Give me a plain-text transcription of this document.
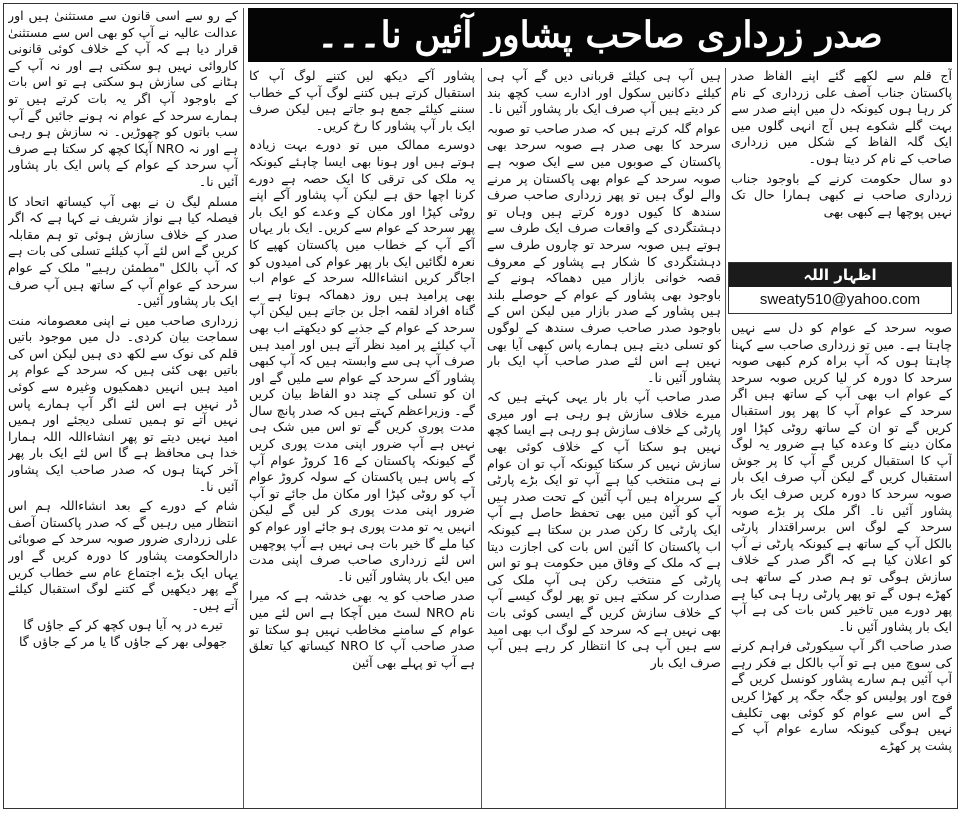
کے رو سے اسی قانون سے مستثنیٰ ہیں اور عدالت عالیہ نے آپ کو بھی اس سے مستثنیٰ قرار دیا ہے کہ آپ کے خلاف کوئی قانونی کاروائی نہیں ہو سکتی ہے اور نہ آپ کے ہٹانے کی سازش ہو سکتی ہے تو اس بات کے باوجود آپ اگر یہ بات کرتے ہیں تو ہمارے سرحد کے عوام نہ ہونے جائیں گے آپ سب باتوں کو چھوڑیں۔ نہ سازش ہو رہی ہے اور نہ NRO آپکا کچھ کر سکتا ہے صرف آپ سرحد کے عوام کے پاس ایک بار پشاور آئیں نا۔

مسلم لیگ ن نے بھی آپ کیساتھ اتحاد کا فیصلہ کیا ہے نواز شریف نے کہا ہے کہ اگر صدر کے خلاف سازش ہوئی تو ہم مقابلہ کریں گے اس لئے آپ کیلئے تسلی کی بات ہے کہ آپ بالکل "مطمئن رہیے" ملک کے عوام سرحد کے عوام آپ کے ساتھ ہیں آپ صرف ایک بار پشاور آئیں۔

زرداری صاحب میں نے اپنی معصومانہ منت سماجت بیان کردی۔ دل میں موجود باتیں قلم کی نوک سے لکھ دی ہیں لیکن اس کی باتیں بھی کئی ہیں کہ سرحد کے عوام پر امید ہیں انہیں دھمکیوں وغیرہ سے کوئی ڈر نہیں ہے اس لئے اگر آپ ہمارے پاس نہیں آتے تو ہمیں تسلی دیجئے اور ہمیں امید نہیں دیتے تو پھر انشاءاللہ اللہ ہمارا خدا ہی محافظ ہے گا اس لئے ایک بار پھر آخر کہتا ہوں کہ صدر صاحب ایک پشاور آئیں نا۔

شام کے دورے کے بعد انشاءاللہ ہم اس انتظار میں رہیں گے کہ صدر پاکستان آصف علی زرداری ضرور صوبہ سرحد کے صوبائی دارالحکومت پشاور کا دورہ کریں گے اور یہاں ایک بڑے اجتماع عام سے خطاب کریں گے پھر دیکھیں گے کتنے لوگ استقبال کیلئے آتے ہیں۔

تیرے در پہ آیا ہوں کچھ کر کے جاؤں گا

جھولی بھر کے جاؤں گا یا مر کے جاؤں گا

پشاور آکے دیکھ لیں کتنے لوگ آپ کا استقبال کرتے ہیں کتنے لوگ آپ کے خطاب سننے کیلئے جمع ہو جاتے ہیں لیکن صرف ایک بار آپ پشاور کا رخ کریں۔

دوسرے ممالک میں تو دورے بہت زیادہ ہوتے ہیں اور ہونا بھی ایسا چاہئے کیونکہ یہ ملک کی ترقی کا ایک حصہ ہے دورے کرنا اچھا حق ہے لیکن آپ پشاور آکے اپنے روٹی کپڑا اور مکان کے وعدے کو ایک بار پھر سرحد کے عوام سے کریں۔ ایک بار یہاں آکے آپ کے خطاب میں پاکستان کھپے کا نعرہ لگائیں ایک بار پھر عوام کی امیدوں کو اجاگر کریں انشاءاللہ سرحد کے عوام اب بھی پرامید ہیں روز دھماکہ ہوتا ہے بے گناہ افراد لقمہ اجل بن جاتے ہیں لیکن آپ سرحد کے عوام کے جذبے کو دیکھتے اب بھی آپ کیلئے پر امید نظر آتے ہیں اور امید ہیں صرف آپ ہی سے وابستہ ہیں کہ آپ کبھی پشاور آکے سرحد کے عوام سے ملیں گے اور ان کو تسلی کے چند دو الفاظ بیان کریں گے۔ وزیراعظم کہتے ہیں کہ صدر پانچ سال مدت پوری کریں گے تو اس میں شک ہی نہیں ہے آپ ضرور اپنی مدت پوری کریں گے کیونکہ پاکستان کے 16 کروڑ عوام آپ کے پاس ہیں پاکستان کے سولہ کروڑ عوام آپ کو روٹی کپڑا اور مکان مل جائے تو آپ ضرور اپنی مدت پوری کر لیں گے لیکن انہیں یہ تو مدت پوری ہو جائے اور عوام کو کیا ملے گا خیر بات ہی نہیں ہے آپ پوچھیں اس لئے زرداری صاحب صرف اپنی مدت میں ایک بار پشاور آئیں نا۔

صدر صاحب کو یہ بھی خدشہ ہے کہ میرا نام NRO لسٹ میں آچکا ہے اس لئے میں عوام کے سامنے مخاطب نہیں ہو سکتا تو صدر صاحب آپ کا NRO کیساتھ کیا تعلق ہے آپ تو پہلے بھی آئین

ہیں آپ ہی کیلئے قربانی دیں گے آپ ہی کیلئے دکانیں سکول اور ادارے سب کچھ بند کر دیتے ہیں آپ صرف ایک بار پشاور آئیں نا۔

عوام گلہ کرتے ہیں کہ صدر صاحب تو صوبہ سرحد کا بھی صدر ہے صوبہ سرحد بھی پاکستان کے صوبوں میں سے ایک صوبہ ہے صوبہ سرحد کے عوام بھی پاکستان پر مرنے والے لوگ ہیں تو پھر زرداری صاحب صرف سندھ کا کیوں دورہ کرتے ہیں وہاں تو دہشتگردی کے واقعات صرف ایک طرف سے ہوتے ہیں صوبہ سرحد تو چاروں طرف سے دہشتگردی کا شکار ہے پشاور کے معروف قصہ خوانی بازار میں دھماکہ ہونے کے باوجود بھی پشاور کے عوام کے حوصلے بلند ہیں پشاور کے صدر بازار میں لیکن اس کے باوجود صدر صاحب صرف سندھ کے لوگوں کو تسلی دیتے ہیں ہمارے پاس کبھی آیا بھی نہیں ہے اس لئے صدر صاحب آپ ایک بار پشاور آئیں نا۔

صدر صاحب آپ بار بار یہی کہتے ہیں کہ میرے خلاف سازش ہو رہی ہے اور میری پارٹی کے خلاف سازش ہو رہی ہے ایسا کچھ نہیں ہو سکتا آپ کے خلاف کوئی بھی سازش نہیں کر سکتا کیونکہ آپ تو ان عوام نے ہی منتخب کیا ہے آپ تو ایک بڑے پارٹی کے سربراہ ہیں آپ آئین کے تحت صدر ہیں آپ کو آئین میں بھی تحفظ حاصل ہے آپ ایک پارٹی کا رکن صدر بن سکتا ہے کیونکہ اب پاکستان کا آئین اس بات کی اجازت دیتا ہے کہ ملک کے وفاق میں حکومت ہو تو اس پارٹی کے منتخب رکن ہی آپ ملک کی صدارت کر سکتے ہیں تو پھر لوگ کیسے آپ کے خلاف سازش کریں گے ایسی کوئی بات بھی نہیں ہے کہ سرحد کے لوگ اب بھی امید سے ہیں آپ ہی کا انتظار کر رہے ہیں آپ صرف ایک بار

آج قلم سے لکھے گئے اپنے الفاظ صدر پاکستان جناب آصف علی زرداری کے نام کر رہا ہوں کیونکہ دل میں اپنے صدر سے بہت گلے شکوے ہیں آج انہی گلوں میں ایک گلہ الفاظ کے شکل میں زرداری صاحب کے نام کر دیتا ہوں۔

دو سال حکومت کرنے کے باوجود جناب زرداری صاحب نے کبھی ہمارا حال تک نہیں پوچھا ہے کبھی بھی

اظہار اللہ
sweaty510@yahoo.com

صوبہ سرحد کے عوام کو دل سے نہیں چاہتا ہے۔ میں تو زرداری صاحب سے کہنا چاہتا ہوں کہ آپ براہ کرم کبھی صوبہ سرحد کا دورہ کر لیا کریں صوبہ سرحد کے عوام اب بھی آپ کے ساتھ ہیں اگر سرحد کے عوام آپ کا پھر پور استقبال کریں گے تو ان کے ساتھ روٹی کپڑا اور مکان دینے کا وعدہ کیا ہے ضرور یہ لوگ آپ کا استقبال کریں گے آپ کا پر جوش استقبال کریں گے لیکن آپ صرف ایک بار صوبہ سرحد کا دورہ کریں صرف ایک بار پشاور آئیں نا۔ اگر ملک پر بڑے صوبہ سرحد کے لوگ اس برسراقتدار پارٹی بالکل آپ کے ساتھ ہے کیونکہ پارٹی نے آپ کو اعلان کیا ہے کہ اگر صدر کے خلاف سازش ہوگی تو ہم صدر کے ساتھ ہی کھڑے ہوں گے تو پھر پارٹی رہا ہی کیا ہے پھر دورے میں تاخیر کس بات کی ہے آپ ایک بار پشاور آئیں نا۔

صدر صاحب اگر آپ سیکورٹی فراہم کرنے کی سوچ میں ہے تو آپ بالکل بے فکر رہے آپ آئیں ہم سارے پشاور کونسل کریں گے فوج اور پولیس کو جگہ جگہ پر کھڑا کریں گے اس سے عوام کو کوئی بھی تکلیف نہیں ہوگی کیونکہ سارے عوام آپ کے پشت پر کھڑے

صدر زرداری صاحب پشاور آئیں نا۔۔۔
